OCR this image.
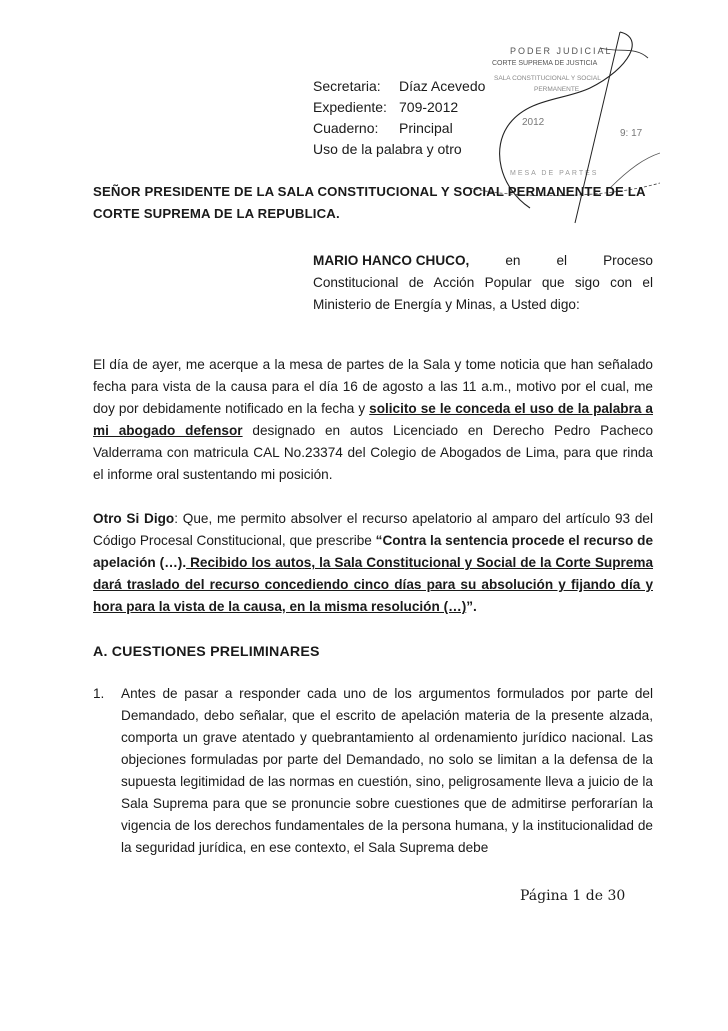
PODER JUDICIAL
CORTE SUPREMA DE JUSTICIA
SALA CONSTITUCIONAL Y SOCIAL
PERMANENTE
2012
9: 17
MESA DE PARTES
Secretaria:	Díaz Acevedo
Expediente: 709-2012
Cuaderno:	Principal
Uso de la palabra y otro
SEÑOR PRESIDENTE DE LA SALA CONSTITUCIONAL Y SOCIAL PERMANENTE DE LA CORTE SUPREMA DE LA REPUBLICA.
MARIO HANCO CHUCO,	en	el	Proceso
Constitucional de Acción Popular que sigo con el Ministerio de Energía y Minas, a Usted digo:
El día de ayer, me acerque a la mesa de partes de la Sala y tome noticia que han señalado fecha para vista de la causa para el día 16 de agosto a las 11 a.m., motivo por el cual, me doy por debidamente notificado en la fecha y solicito se le conceda el uso de la palabra a mi abogado defensor designado en autos Licenciado en Derecho Pedro Pacheco Valderrama con matricula CAL No.23374 del Colegio de Abogados de Lima, para que rinda el informe oral sustentando mi posición.
Otro Si Digo: Que, me permito absolver el recurso apelatorio al amparo del artículo 93 del Código Procesal Constitucional, que prescribe “Contra la sentencia procede el recurso de apelación (…). Recibido los autos, la Sala Constitucional y Social de la Corte Suprema dará traslado del recurso concediendo cinco días para su absolución y fijando día y hora para la vista de la causa, en la misma resolución (…)”.
A. CUESTIONES PRELIMINARES
1. Antes de pasar a responder cada uno de los argumentos formulados por parte del Demandado, debo señalar, que el escrito de apelación materia de la presente alzada, comporta un grave atentado y quebrantamiento al ordenamiento jurídico nacional. Las objeciones formuladas por parte del Demandado, no solo se limitan a la defensa de la supuesta legitimidad de las normas en cuestión, sino, peligrosamente lleva a juicio de la Sala Suprema para que se pronuncie sobre cuestiones que de admitirse perforarían la vigencia de los derechos fundamentales de la persona humana, y la institucionalidad de la seguridad jurídica, en ese contexto, el Sala Suprema debe
Página 1 de 30
